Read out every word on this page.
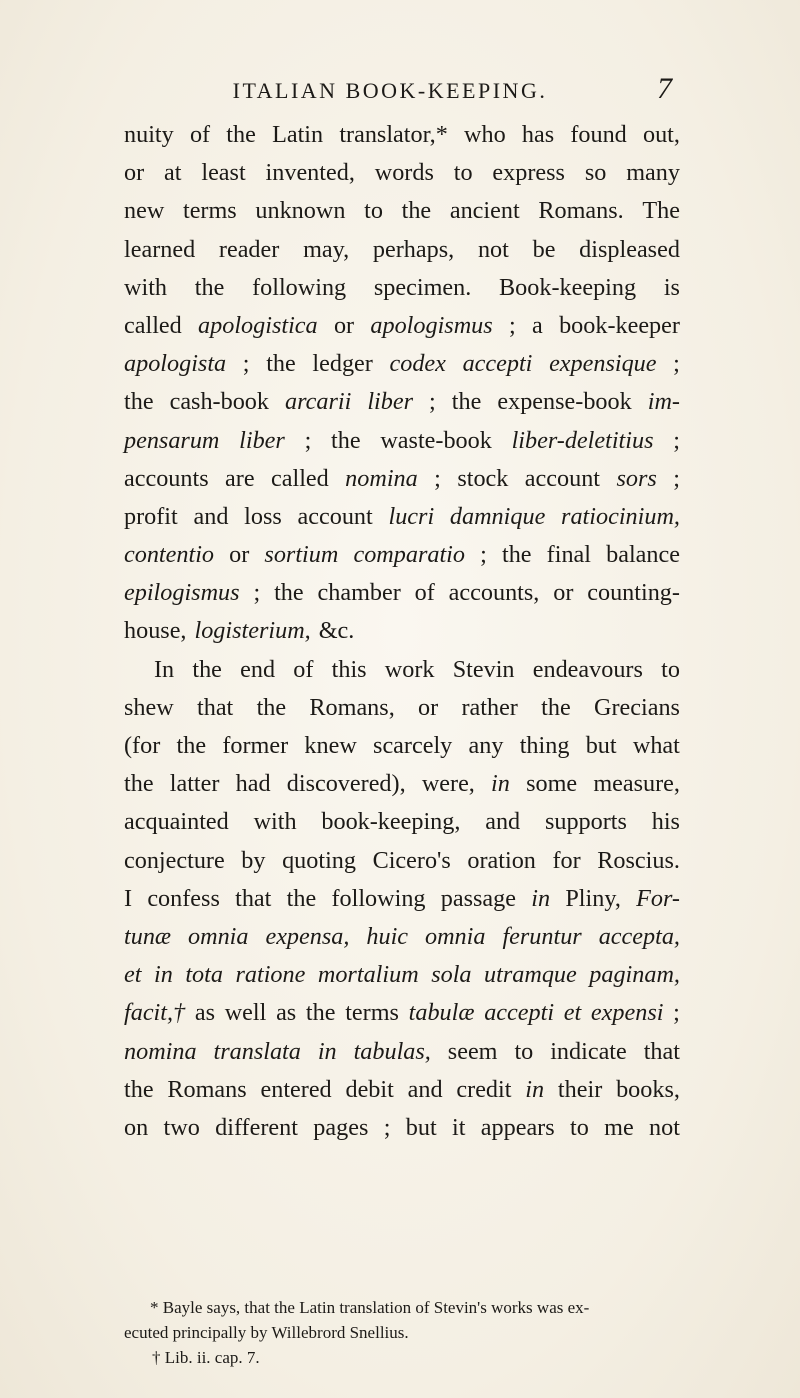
ITALIAN BOOK-KEEPING.	7
nuity of the Latin translator,* who has found out,
or at least invented, words to express so many
new terms unknown to the ancient Romans. The
learned reader may, perhaps, not be displeased
with the following specimen. Book-keeping is
called apologistica or apologismus ; a book-keeper
apologista ; the ledger codex accepti expensique ;
the cash-book arcarii liber ; the expense-book im-
pensarum liber ; the waste-book liber-deletitius ;
accounts are called nomina ; stock account sors ;
profit and loss account lucri damnique ratiocinium,
contentio or sortium comparatio ; the final balance
epilogismus ; the chamber of accounts, or counting-
house, logisterium, &c.
In the end of this work Stevin endeavours to
shew that the Romans, or rather the Grecians
(for the former knew scarcely any thing but what
the latter had discovered), were, in some measure,
acquainted with book-keeping, and supports his
conjecture by quoting Cicero's oration for Roscius.
I confess that the following passage in Pliny, For-
tunæ omnia expensa, huic omnia feruntur accepta,
et in tota ratione mortalium sola utramque paginam,
facit,† as well as the terms tabulæ accepti et expensi ;
nomina translata in tabulas, seem to indicate that
the Romans entered debit and credit in their books,
on two different pages ; but it appears to me not
* Bayle says, that the Latin translation of Stevin's works was ex-
ecuted principally by Willebrord Snellius.
† Lib. ii. cap. 7.
